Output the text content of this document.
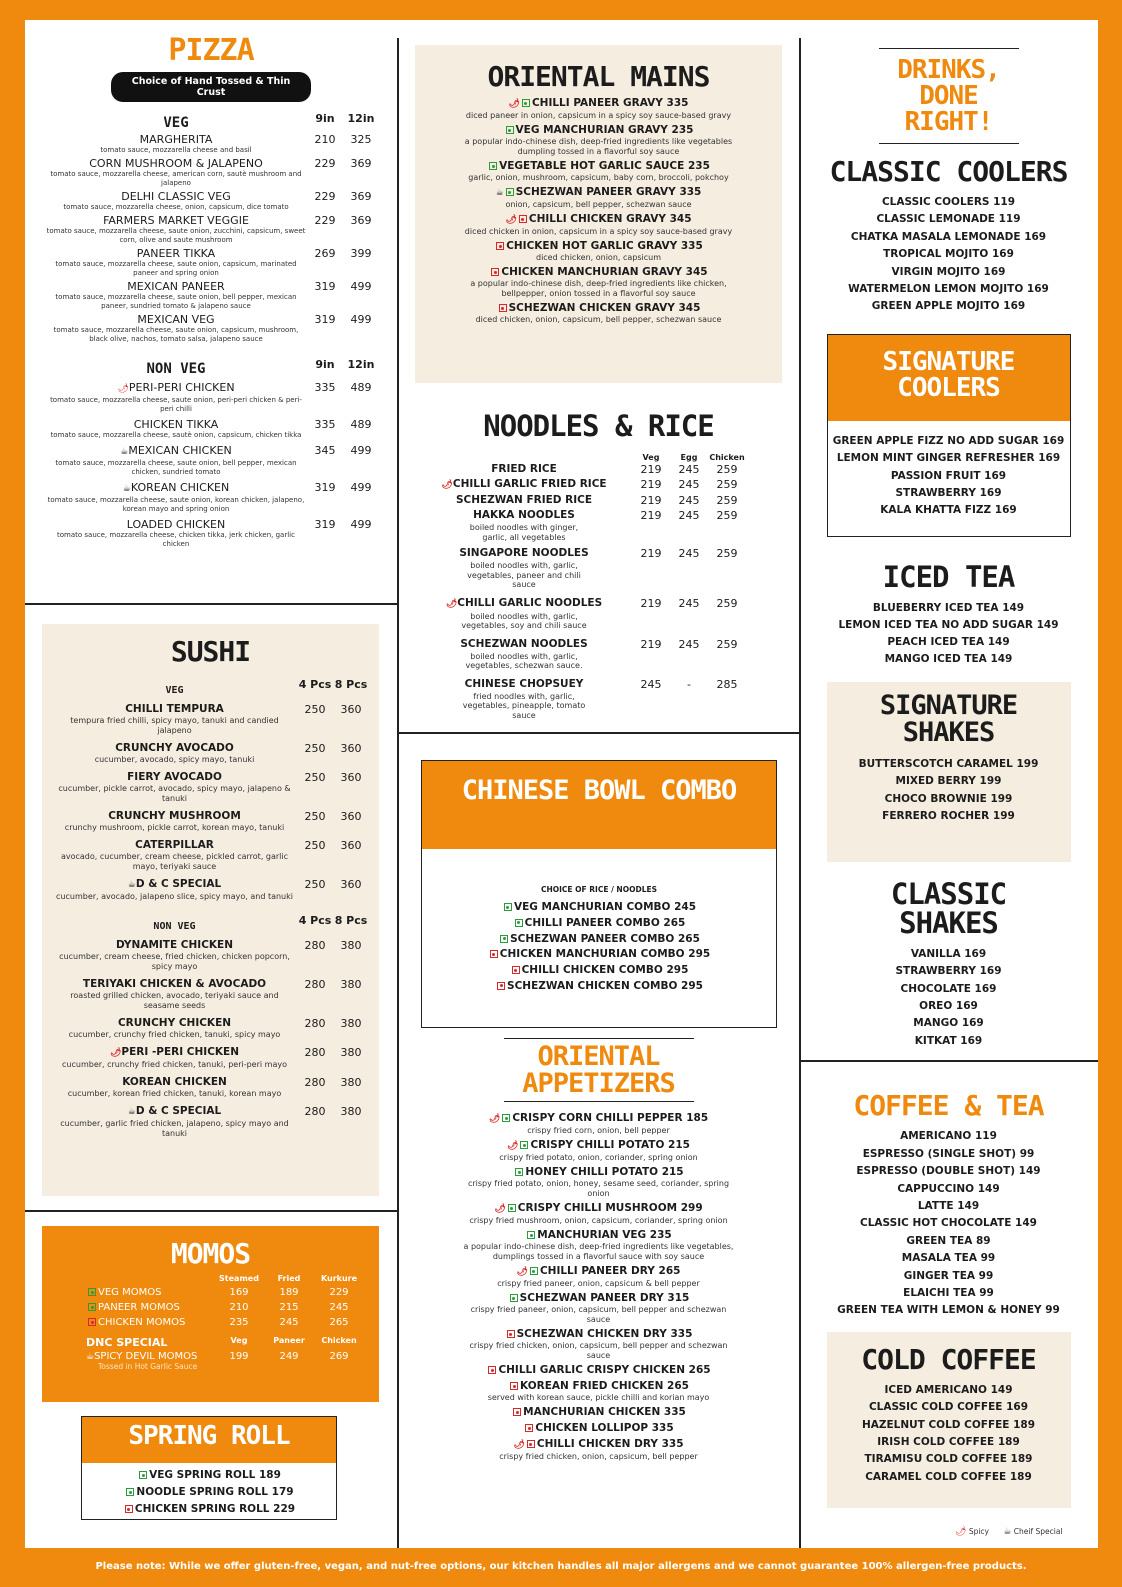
PIZZA
Choice of Hand Tossed & Thin Crust
VEG	9in	12in
MARGHERITA
tomato sauce, mozzarella cheese and basil
210	325
CORN MUSHROOM & JALAPENO
tomato sauce, mozzarella cheese, american corn, sautè mushroom and jalapeno
229	369
DELHI CLASSIC VEG
tomato sauce, mozzarella cheese, onion, capsicum, dice tomato
229	369
FARMERS MARKET VEGGIE
tomato sauce, mozzarella cheese, saute onion, zucchini, capsicum, sweet corn, olive and saute mushroom
229	369
PANEER TIKKA
tomato sauce, mozzarella cheese, saute onion, capsicum, marinated paneer and spring onion
269	399
MEXICAN PANEER
tomato sauce, mozzarella cheese, saute onion, bell pepper, mexican paneer, sundried tomato & jalapeno sauce
319	499
MEXICAN VEG
tomato sauce, mozzarella cheese, saute onion, capsicum, mushroom, black olive, nachos, tomato salsa, jalapeno sauce
319	499
NON VEG	9in	12in
🌶PERI-PERI CHICKEN
tomato sauce, mozzarella cheese, saute onion, peri-peri chicken & peri-peri chilli
335	489
CHICKEN TIKKA
tomato sauce, mozzarella cheese, sautè onion, capsicum, chicken tikka
335	489
☕MEXICAN CHICKEN
tomato sauce, mozzarella cheese, saute onion, bell pepper, mexican chicken, sundried tomato
345	499
☕KOREAN CHICKEN
tomato sauce, mozzarella cheese, saute onion, korean chicken, jalapeno, korean mayo and spring onion
319	499
LOADED CHICKEN
tomato sauce, mozzarella cheese, chicken tikka, jerk chicken, garlic chicken
319	499
SUSHI
VEG	4 Pcs 8 Pcs
CHILLI TEMPURA
tempura fried chilli, spicy mayo, tanuki and candied jalapeno
250	360
CRUNCHY AVOCADO
cucumber, avocado, spicy mayo, tanuki
250	360
FIERY AVOCADO
cucumber, pickle carrot, avocado, spicy mayo, jalapeno & tanuki
250	360
CRUNCHY MUSHROOM
crunchy mushroom, pickle carrot, korean mayo, tanuki
250	360
CATERPILLAR
avocado, cucumber, cream cheese, pickled carrot, garlic mayo, teriyaki sauce
250	360
☕D & C SPECIAL
cucumber, avocado, jalapeno slice, spicy mayo, and tanuki
250	360
NON VEG	4 Pcs 8 Pcs
DYNAMITE CHICKEN
cucumber, cream cheese, fried chicken, chicken popcorn, spicy mayo
280	380
TERIYAKI CHICKEN & AVOCADO
roasted grilled chicken, avocado, teriyaki sauce and seasame seeds
280	380
CRUNCHY CHICKEN
cucumber, crunchy fried chicken, tanuki, spicy mayo
280	380
🌶PERI -PERI CHICKEN
cucumber, crunchy fried chicken, tanuki, peri-peri mayo
280	380
KOREAN CHICKEN
cucumber, korean fried chicken, tanuki, korean mayo
280	380
☕D & C SPECIAL
cucumber, garlic fried chicken, jalapeno, spicy mayo and tanuki
280	380
MOMOS
Steamed	Fried	Kurkure
VEG MOMOS	169	189	229
PANEER MOMOS	210	215	245
CHICKEN MOMOS	235	245	265
DNC SPECIAL	Veg	Paneer	Chicken
☕SPICY DEVIL MOMOS	199	249	269
Tossed in Hot Garlic Sauce
SPRING ROLL
VEG SPRING ROLL 189
NOODLE SPRING ROLL 179
CHICKEN SPRING ROLL 229
ORIENTAL MAINS
🌶 CHILLI PANEER GRAVY 335
diced paneer in onion, capsicum in a spicy soy sauce-based gravy
VEG MANCHURIAN GRAVY 235
a popular indo-chinese dish, deep-fried ingredients like vegetables dumpling tossed in a flavorful soy sauce
VEGETABLE HOT GARLIC SAUCE 235
garlic, onion, mushroom, capsicum, baby corn, broccoli, pokchoy
☕ SCHEZWAN PANEER GRAVY 335
onion, capsicum, bell pepper, schezwan sauce
🌶 CHILLI CHICKEN GRAVY 345
diced chicken in onion, capsicum in a spicy soy sauce-based gravy
CHICKEN HOT GARLIC GRAVY 335
diced chicken, onion, capsicum
CHICKEN MANCHURIAN GRAVY 345
a popular indo-chinese dish, deep-fried ingredients like chicken, bellpepper, onion tossed in a flavorful soy sauce
SCHEZWAN CHICKEN GRAVY 345
diced chicken, onion, capsicum, bell pepper, schezwan sauce
NOODLES & RICE
Veg	Egg	Chicken
FRIED RICE	219	245	259
🌶CHILLI GARLIC FRIED RICE	219	245	259
SCHEZWAN FRIED RICE	219	245	259
HAKKA NOODLES
boiled noodles with ginger, garlic, all vegetables
219	245	259
SINGAPORE NOODLES
boiled noodles with, garlic, vegetables, paneer and chili sauce
219	245	259
🌶CHILLI GARLIC NOODLES
boiled noodles with, garlic, vegetables, soy and chili sauce
219	245	259
SCHEZWAN NOODLES
boiled noodles with, garlic, vegetables, schezwan sauce.
219	245	259
CHINESE CHOPSUEY
fried noodles with, garlic, vegetables, pineapple, tomato sauce
245	-	285
CHINESE BOWL COMBO
CHOICE OF RICE / NOODLES
VEG MANCHURIAN COMBO 245
CHILLI PANEER COMBO 265
SCHEZWAN PANEER COMBO 265
CHICKEN MANCHURIAN COMBO 295
CHILLI CHICKEN COMBO 295
SCHEZWAN CHICKEN COMBO 295
ORIENTAL APPETIZERS
🌶 CRISPY CORN CHILLI PEPPER 185
crispy fried corn, onion, bell pepper
🌶 CRISPY CHILLI POTATO 215
crispy fried potato, onion, coriander, spring onion
HONEY CHILLI POTATO 215
crispy fried potato, onion, honey, sesame seed, coriander, spring onion
🌶 CRISPY CHILLI MUSHROOM 299
crispy fried mushroom, onion, capsicum, coriander, spring onion
MANCHURIAN VEG 235
a popular indo-chinese dish, deep-fried ingredients like vegetables, dumplings tossed in a flavorful sauce with soy sauce
🌶 CHILLI PANEER DRY 265
crispy fried paneer, onion, capsicum & bell pepper
SCHEZWAN PANEER DRY 315
crispy fried paneer, onion, capsicum, bell pepper and schezwan sauce
SCHEZWAN CHICKEN DRY 335
crispy fried chicken, onion, capsicum, bell pepper and schezwan sauce
CHILLI GARLIC CRISPY CHICKEN 265
KOREAN FRIED CHICKEN 265
served with korean sauce, pickle chilli and korian mayo
MANCHURIAN CHICKEN 335
CHICKEN LOLLIPOP 335
🌶 CHILLI CHICKEN DRY 335
crispy fried chicken, onion, capsicum, bell pepper
DRINKS, DONE RIGHT!
CLASSIC COOLERS
CLASSIC COOLERS 119
CLASSIC LEMONADE 119
CHATKA MASALA LEMONADE 169
TROPICAL MOJITO 169
VIRGIN MOJITO 169
WATERMELON LEMON MOJITO 169
GREEN APPLE MOJITO 169
SIGNATURE COOLERS
GREEN APPLE FIZZ NO ADD SUGAR 169
LEMON MINT GINGER REFRESHER 169
PASSION FRUIT 169
STRAWBERRY 169
KALA KHATTA FIZZ 169
ICED TEA
BLUEBERRY ICED TEA 149
LEMON ICED TEA NO ADD SUGAR 149
PEACH ICED TEA 149
MANGO ICED TEA 149
SIGNATURE SHAKES
BUTTERSCOTCH CARAMEL 199
MIXED BERRY 199
CHOCO BROWNIE 199
FERRERO ROCHER 199
CLASSIC SHAKES
VANILLA 169
STRAWBERRY 169
CHOCOLATE 169
OREO 169
MANGO 169
KITKAT 169
COFFEE & TEA
AMERICANO 119
ESPRESSO (SINGLE SHOT) 99
ESPRESSO (DOUBLE SHOT) 149
CAPPUCCINO 149
LATTE 149
CLASSIC HOT CHOCOLATE 149
GREEN TEA 89
MASALA TEA 99
GINGER TEA 99
ELAICHI TEA 99
GREEN TEA WITH LEMON & HONEY 99
COLD COFFEE
ICED AMERICANO 149
CLASSIC COLD COFFEE 169
HAZELNUT COLD COFFEE 189
IRISH COLD COFFEE 189
TIRAMISU COLD COFFEE 189
CARAMEL COLD COFFEE 189
🌶 Spicy ☕ Cheif Special
Please note: While we offer gluten-free, vegan, and nut-free options, our kitchen handles all major allergens and we cannot guarantee 100% allergen-free products.
